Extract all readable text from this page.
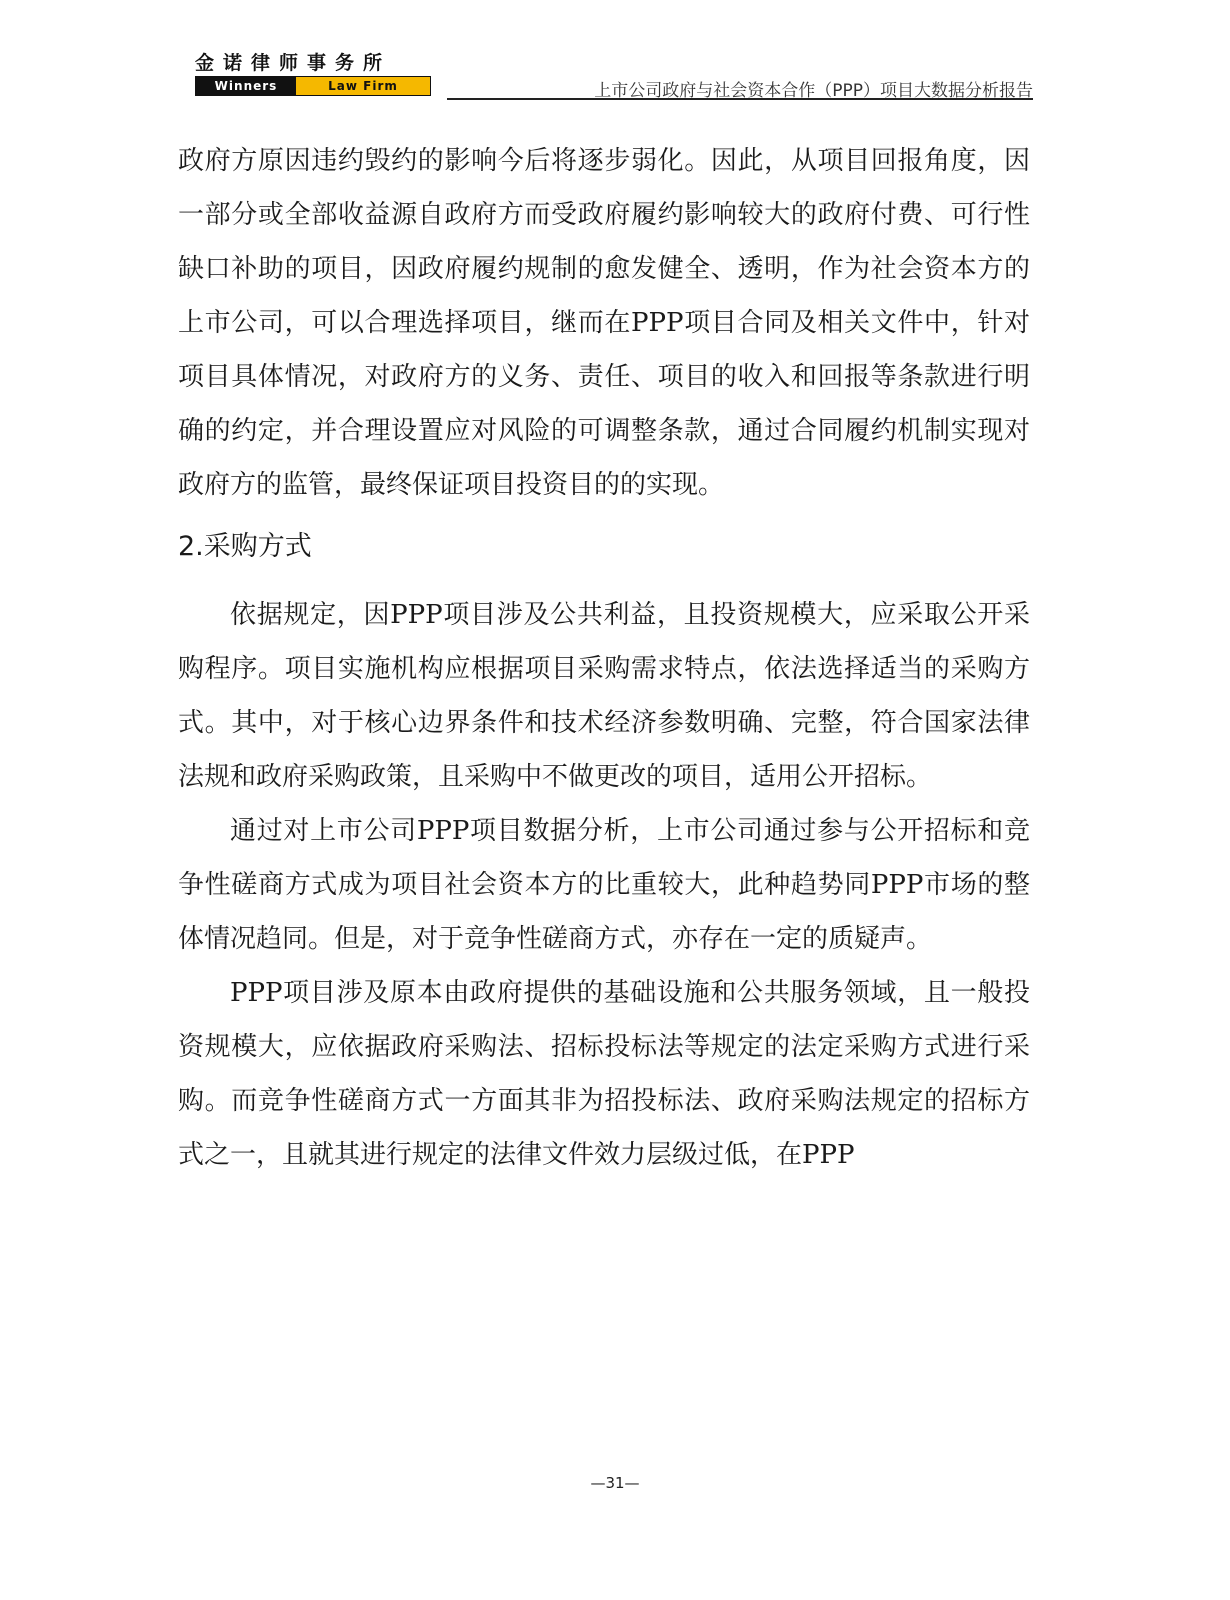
金诺律师事务所
Winners	Law Firm	上市公司政府与社会资本合作（PPP）项目大数据分析报告

政府方原因违约毁约的影响今后将逐步弱化。因此，从项目回报角度，因一部分或全部收益源自政府方而受政府履约影响较大的政府付费、可行性缺口补助的项目，因政府履约规制的愈发健全、透明，作为社会资本方的上市公司，可以合理选择项目，继而在PPP项目合同及相关文件中，针对项目具体情况，对政府方的义务、责任、项目的收入和回报等条款进行明确的约定，并合理设置应对风险的可调整条款，通过合同履约机制实现对政府方的监管，最终保证项目投资目的的实现。

2.采购方式

依据规定，因PPP项目涉及公共利益，且投资规模大，应采取公开采购程序。项目实施机构应根据项目采购需求特点，依法选择适当的采购方式。其中，对于核心边界条件和技术经济参数明确、完整，符合国家法律法规和政府采购政策，且采购中不做更改的项目，适用公开招标。

通过对上市公司PPP项目数据分析，上市公司通过参与公开招标和竞争性磋商方式成为项目社会资本方的比重较大，此种趋势同PPP市场的整体情况趋同。但是，对于竞争性磋商方式，亦存在一定的质疑声。

PPP项目涉及原本由政府提供的基础设施和公共服务领域，且一般投资规模大，应依据政府采购法、招标投标法等规定的法定采购方式进行采购。而竞争性磋商方式一方面其非为招投标法、政府采购法规定的招标方式之一，且就其进行规定的法律文件效力层级过低，在PPP

—31—
